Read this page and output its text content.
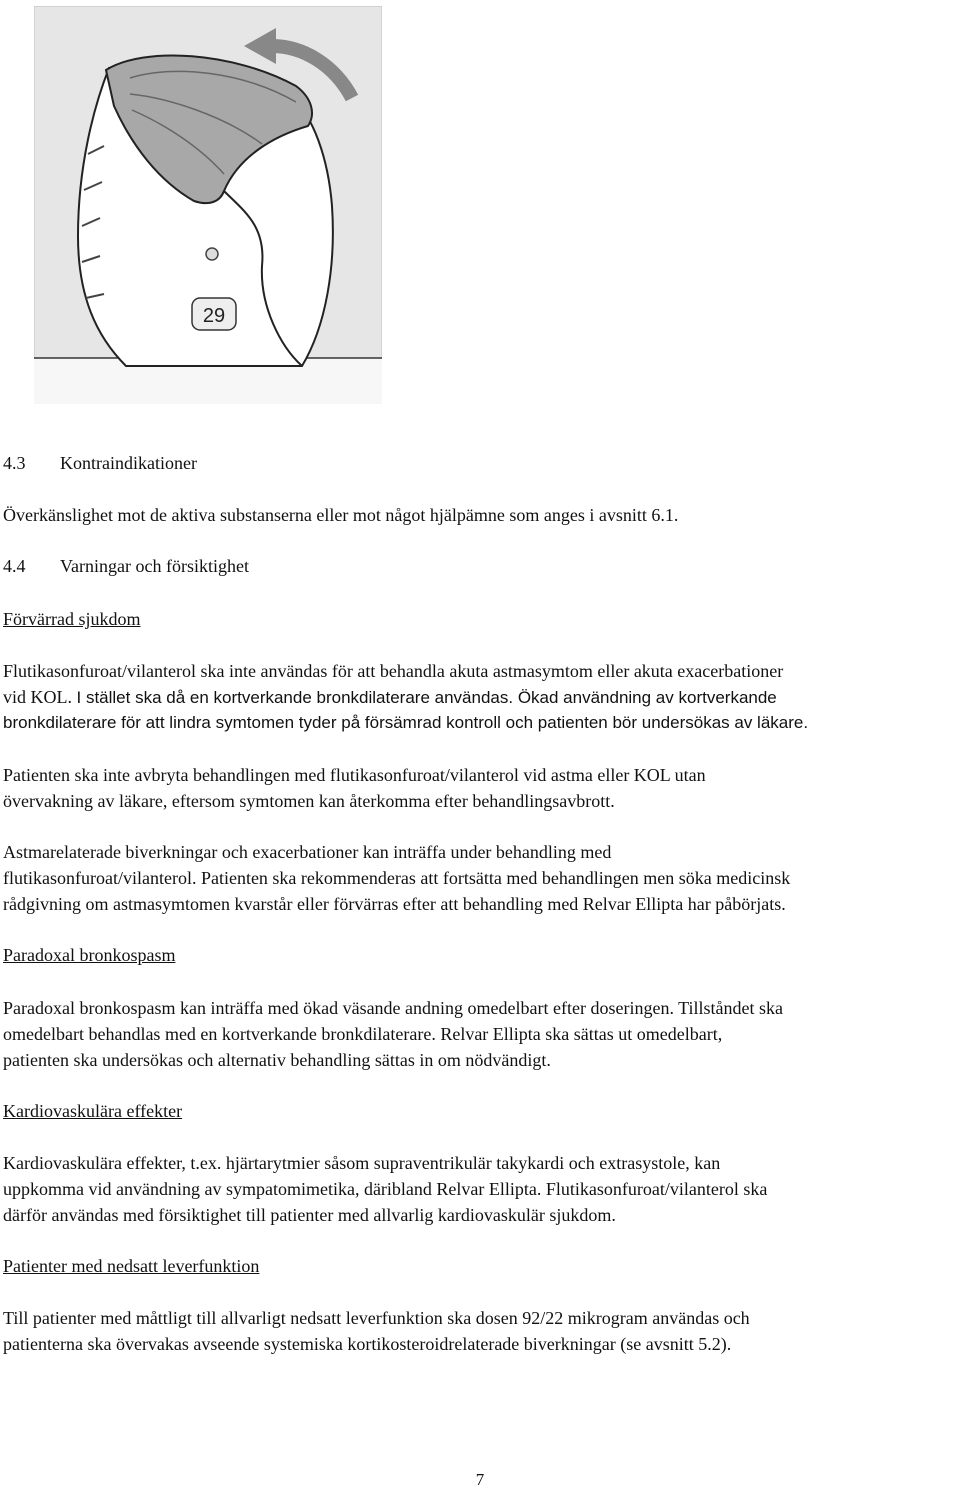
29

4.3 Kontraindikationer

Överkänslighet mot de aktiva substanserna eller mot något hjälpämne som anges i avsnitt 6.1.

4.4 Varningar och försiktighet

Förvärrad sjukdom

Flutikasonfuroat/vilanterol ska inte användas för att behandla akuta astmasymtom eller akuta exacerbationer

vid KOL. I stället ska då en kortverkande bronkdilaterare användas. Ökad användning av kortverkande

bronkdilaterare för att lindra symtomen tyder på försämrad kontroll och patienten bör undersökas av läkare.

Patienten ska inte avbryta behandlingen med flutikasonfuroat/vilanterol vid astma eller KOL utan

övervakning av läkare, eftersom symtomen kan återkomma efter behandlingsavbrott.

Astmarelaterade biverkningar och exacerbationer kan inträffa under behandling med

flutikasonfuroat/vilanterol. Patienten ska rekommenderas att fortsätta med behandlingen men söka medicinsk

rådgivning om astmasymtomen kvarstår eller förvärras efter att behandling med Relvar Ellipta har påbörjats.

Paradoxal bronkospasm

Paradoxal bronkospasm kan inträffa med ökad väsande andning omedelbart efter doseringen. Tillståndet ska

omedelbart behandlas med en kortverkande bronkdilaterare. Relvar Ellipta ska sättas ut omedelbart,

patienten ska undersökas och alternativ behandling sättas in om nödvändigt.

Kardiovaskulära effekter

Kardiovaskulära effekter, t.ex. hjärtarytmier såsom supraventrikulär takykardi och extrasystole, kan

uppkomma vid användning av sympatomimetika, däribland Relvar Ellipta. Flutikasonfuroat/vilanterol ska

därför användas med försiktighet till patienter med allvarlig kardiovaskulär sjukdom.

Patienter med nedsatt leverfunktion

Till patienter med måttligt till allvarligt nedsatt leverfunktion ska dosen 92/22 mikrogram användas och

patienterna ska övervakas avseende systemiska kortikosteroidrelaterade biverkningar (se avsnitt 5.2).

7
